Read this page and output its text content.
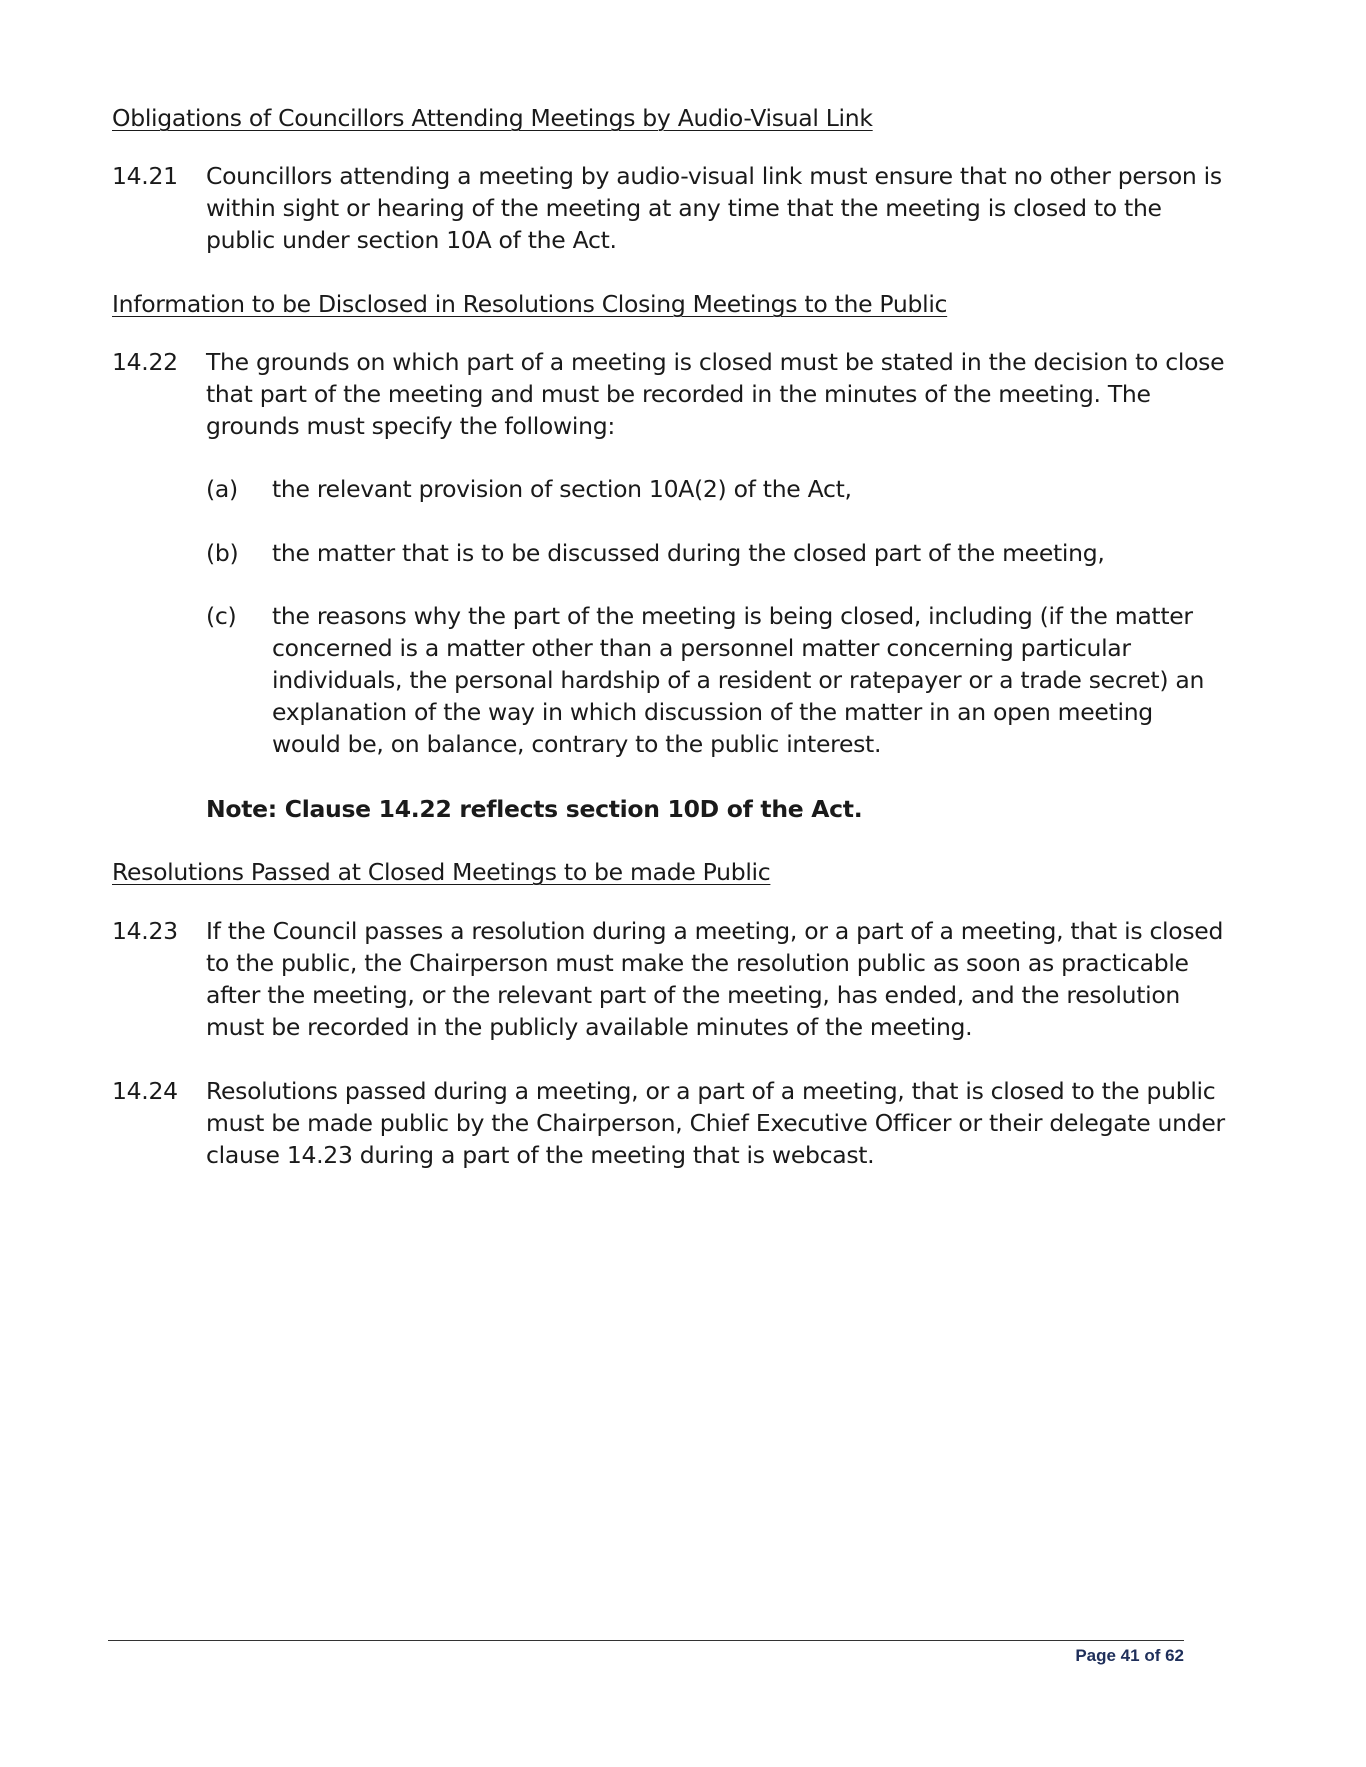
Obligations of Councillors Attending Meetings by Audio-Visual Link
14.21 Councillors attending a meeting by audio-visual link must ensure that no other person is within sight or hearing of the meeting at any time that the meeting is closed to the public under section 10A of the Act.
Information to be Disclosed in Resolutions Closing Meetings to the Public
14.22 The grounds on which part of a meeting is closed must be stated in the decision to close that part of the meeting and must be recorded in the minutes of the meeting. The grounds must specify the following:
(a) the relevant provision of section 10A(2) of the Act,
(b) the matter that is to be discussed during the closed part of the meeting,
(c) the reasons why the part of the meeting is being closed, including (if the matter concerned is a matter other than a personnel matter concerning particular individuals, the personal hardship of a resident or ratepayer or a trade secret) an explanation of the way in which discussion of the matter in an open meeting would be, on balance, contrary to the public interest.
Note: Clause 14.22 reflects section 10D of the Act.
Resolutions Passed at Closed Meetings to be made Public
14.23 If the Council passes a resolution during a meeting, or a part of a meeting, that is closed to the public, the Chairperson must make the resolution public as soon as practicable after the meeting, or the relevant part of the meeting, has ended, and the resolution must be recorded in the publicly available minutes of the meeting.
14.24 Resolutions passed during a meeting, or a part of a meeting, that is closed to the public must be made public by the Chairperson, Chief Executive Officer or their delegate under clause 14.23 during a part of the meeting that is webcast.
Page 41 of 62
